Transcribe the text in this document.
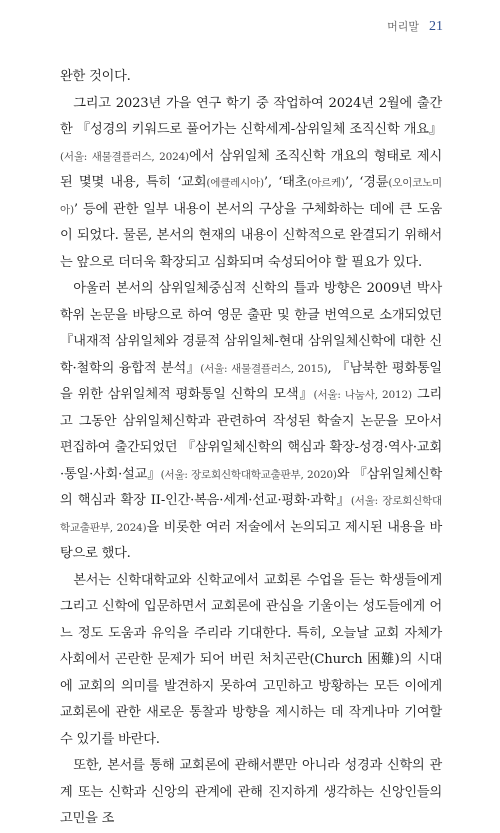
머리말 21

완한 것이다.

그리고 2023년 가을 연구 학기 중 작업하여 2024년 2월에 출간한 『성경의 키워드로 풀어가는 신학세계-삼위일체 조직신학 개요』(서울: 새물결플러스, 2024)에서 삼위일체 조직신학 개요의 형태로 제시된 몇몇 내용, 특히 ‘교회(에클레시아)’, ‘태초(아르케)’, ‘경륜(오이코노미아)’ 등에 관한 일부 내용이 본서의 구상을 구체화하는 데에 큰 도움이 되었다. 물론, 본서의 현재의 내용이 신학적으로 완결되기 위해서는 앞으로 더더욱 확장되고 심화되며 숙성되어야 할 필요가 있다.

아울러 본서의 삼위일체중심적 신학의 틀과 방향은 2009년 박사학위 논문을 바탕으로 하여 영문 출판 및 한글 번역으로 소개되었던 『내재적 삼위일체와 경륜적 삼위일체-현대 삼위일체신학에 대한 신학·철학의 융합적 분석』(서울: 새물결플러스, 2015), 『남북한 평화통일을 위한 삼위일체적 평화통일 신학의 모색』(서울: 나눔사, 2012) 그리고 그동안 삼위일체신학과 관련하여 작성된 학술지 논문을 모아서 편집하여 출간되었던 『삼위일체신학의 핵심과 확장-성경·역사·교회·통일·사회·설교』(서울: 장로회신학대학교출판부, 2020)와 『삼위일체신학의 핵심과 확장 II-인간·복음·세계·선교·평화·과학』(서울: 장로회신학대학교출판부, 2024)을 비롯한 여러 저술에서 논의되고 제시된 내용을 바탕으로 했다.

본서는 신학대학교와 신학교에서 교회론 수업을 듣는 학생들에게 그리고 신학에 입문하면서 교회론에 관심을 기울이는 성도들에게 어느 정도 도움과 유익을 주리라 기대한다. 특히, 오늘날 교회 자체가 사회에서 곤란한 문제가 되어 버린 처치곤란(Church 困難)의 시대에 교회의 의미를 발견하지 못하여 고민하고 방황하는 모든 이에게 교회론에 관한 새로운 통찰과 방향을 제시하는 데 작게나마 기여할 수 있기를 바란다.

또한, 본서를 통해 교회론에 관해서뿐만 아니라 성경과 신학의 관계 또는 신학과 신앙의 관계에 관해 진지하게 생각하는 신앙인들의 고민을 조
